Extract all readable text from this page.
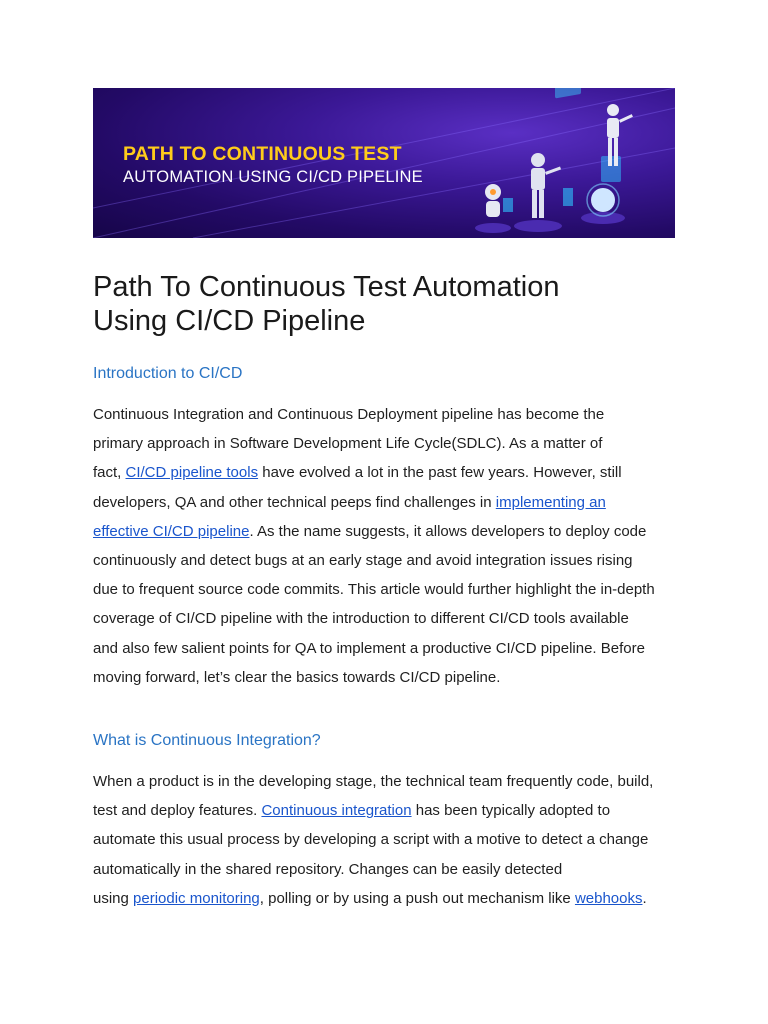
PATH TO CONTINUOUS TEST
AUTOMATION USING CI/CD PIPELINE
Path To Continuous Test Automation
Using CI/CD Pipeline
Introduction to CI/CD
Continuous Integration and Continuous Deployment pipeline has become the
primary approach in Software Development Life Cycle(SDLC). As a matter of
fact, CI/CD pipeline tools have evolved a lot in the past few years. However, still
developers, QA and other technical peeps find challenges in implementing an
effective CI/CD pipeline. As the name suggests, it allows developers to deploy code
continuously and detect bugs at an early stage and avoid integration issues rising
due to frequent source code commits. This article would further highlight the in-depth
coverage of CI/CD pipeline with the introduction to different CI/CD tools available
and also few salient points for QA to implement a productive CI/CD pipeline. Before
moving forward, let’s clear the basics towards CI/CD pipeline.
What is Continuous Integration?
When a product is in the developing stage, the technical team frequently code, build,
test and deploy features. Continuous integration has been typically adopted to
automate this usual process by developing a script with a motive to detect a change
automatically in the shared repository. Changes can be easily detected
using periodic monitoring, polling or by using a push out mechanism like webhooks.
